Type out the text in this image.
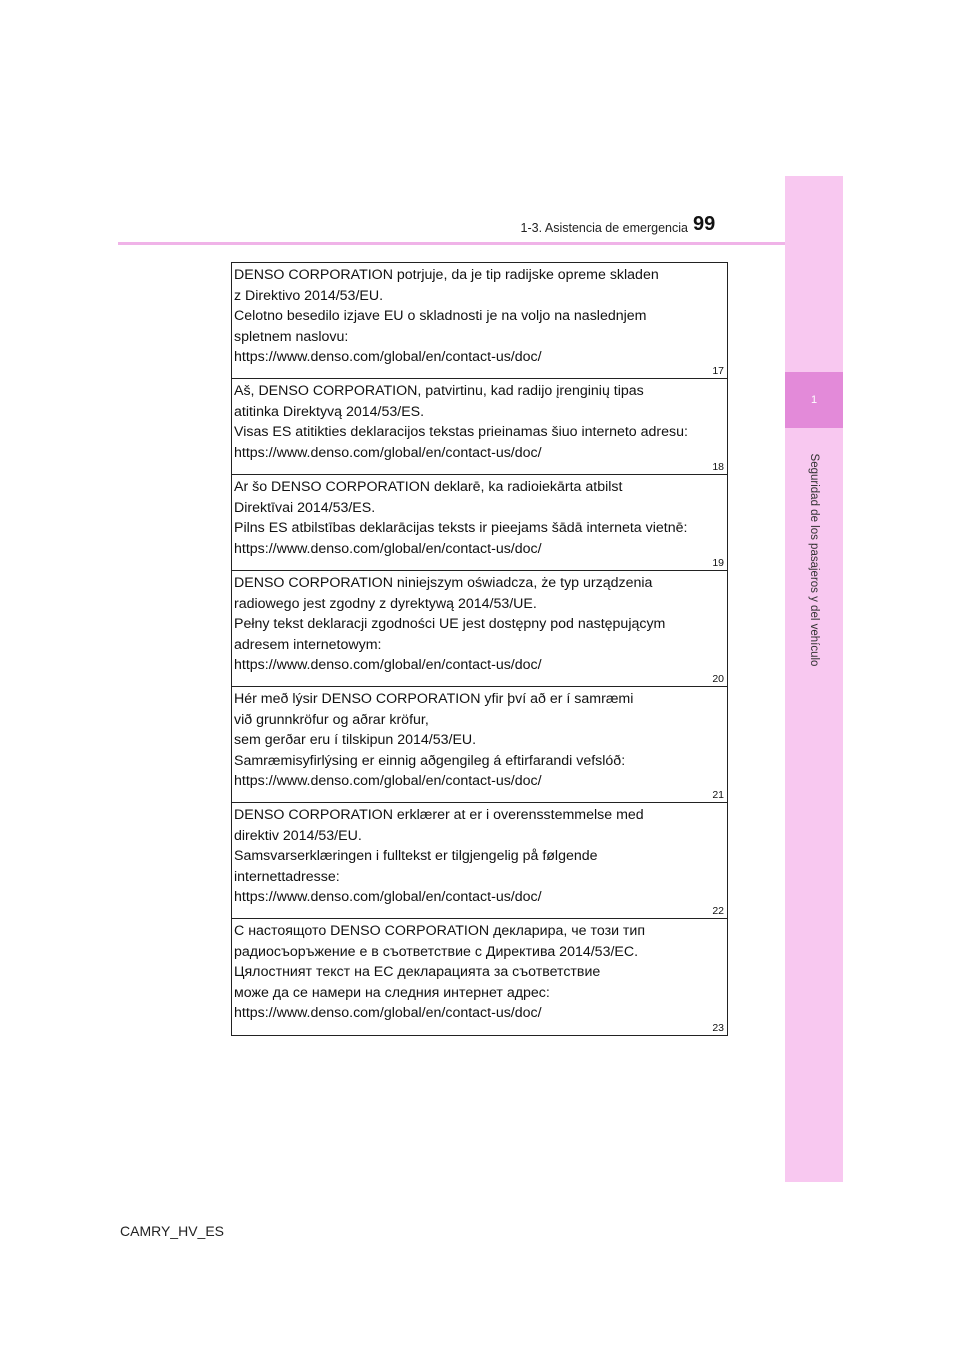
1
Seguridad de los pasajeros y del vehículo
1-3. Asistencia de emergencia 99
DENSO CORPORATION potrjuje, da je tip radijske opreme skladen
z Direktivo 2014/53/EU.
Celotno besedilo izjave EU o skladnosti je na voljo na naslednjem
spletnem naslovu:
https://www.denso.com/global/en/contact-us/doc/
17
Aš, DENSO CORPORATION, patvirtinu, kad radijo įrenginių tipas
atitinka Direktyvą 2014/53/ES.
Visas ES atitikties deklaracijos tekstas prieinamas šiuo interneto adresu:
https://www.denso.com/global/en/contact-us/doc/
18
Ar šo DENSO CORPORATION deklarē, ka radioiekārta atbilst
Direktīvai 2014/53/ES.
Pilns ES atbilstības deklarācijas teksts ir pieejams šādā interneta vietnē:
https://www.denso.com/global/en/contact-us/doc/
19
DENSO CORPORATION niniejszym oświadcza, że typ urządzenia
radiowego jest zgodny z dyrektywą 2014/53/UE.
Pełny tekst deklaracji zgodności UE jest dostępny pod następującym
adresem internetowym:
https://www.denso.com/global/en/contact-us/doc/
20
Hér með lýsir DENSO CORPORATION yfir því að er í samræmi
við grunnkröfur og aðrar kröfur,
sem gerðar eru í tilskipun 2014/53/EU.
Samræmisyfirlýsing er einnig aðgengileg á eftirfarandi vefslóð:
https://www.denso.com/global/en/contact-us/doc/
21
DENSO CORPORATION erklærer at er i overensstemmelse med
direktiv 2014/53/EU.
Samsvarserklæringen i fulltekst er tilgjengelig på følgende
internettadresse:
https://www.denso.com/global/en/contact-us/doc/
22
С настоящото DENSO CORPORATION декларира, че този тип
радиосъоръжение е в съответствие с Директива 2014/53/ЕС.
Цялостният текст на ЕС декларацията за съответствие
може да се намери на следния интернет адрес:
https://www.denso.com/global/en/contact-us/doc/
23
CAMRY_HV_ES
